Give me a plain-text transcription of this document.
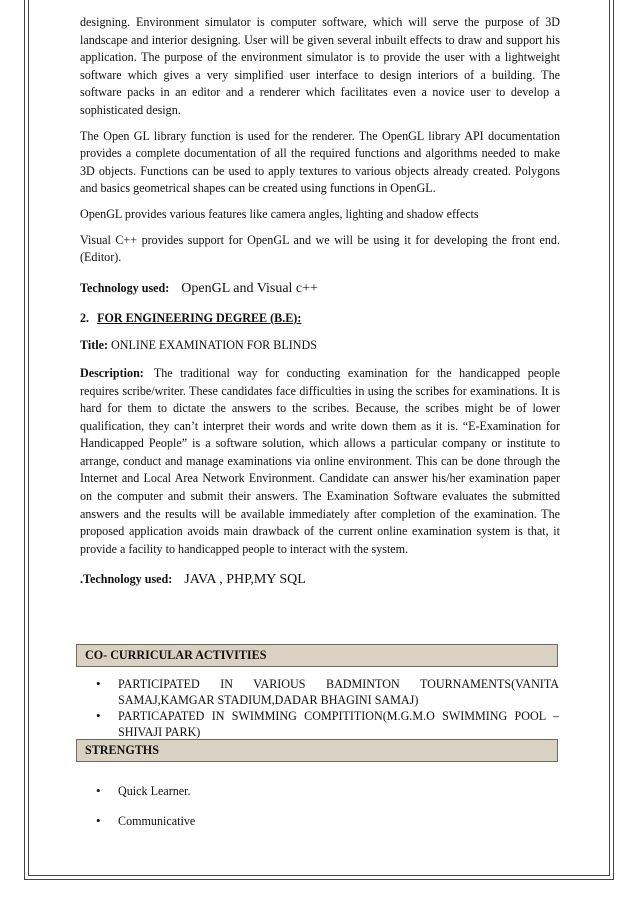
designing. Environment simulator is computer software, which will serve the purpose of 3D landscape and interior designing. User will be given several inbuilt effects to draw and support his application. The purpose of the environment simulator is to provide the user with a lightweight software which gives a very simplified user interface to design interiors of a building. The software packs in an editor and a renderer which facilitates even a novice user to develop a sophisticated design.

The Open GL library function is used for the renderer. The OpenGL library API documentation provides a complete documentation of all the required functions and algorithms needed to make 3D objects. Functions can be used to apply textures to various objects already created. Polygons and basics geometrical shapes can be created using functions in OpenGL.

OpenGL provides various features like camera angles, lighting and shadow effects

Visual C++ provides support for OpenGL and we will be using it for developing the front end.(Editor).

Technology used: OpenGL and Visual c++

2. FOR ENGINEERING DEGREE (B.E):

Title: ONLINE EXAMINATION FOR BLINDS

Description: The traditional way for conducting examination for the handicapped people requires scribe/writer. These candidates face difficulties in using the scribes for examinations. It is hard for them to dictate the answers to the scribes. Because, the scribes might be of lower qualification, they can’t interpret their words and write down them as it is. “E-Examination for Handicapped People” is a software solution, which allows a particular company or institute to arrange, conduct and manage examinations via online environment. This can be done through the Internet and Local Area Network Environment. Candidate can answer his/her examination paper on the computer and submit their answers. The Examination Software evaluates the submitted answers and the results will be available immediately after completion of the examination. The proposed application avoids main drawback of the current online examination system is that, it provide a facility to handicapped people to interact with the system.

.Technology used: JAVA , PHP,MY SQL
CO- CURRICULAR ACTIVITIES
• PARTICIPATED IN VARIOUS BADMINTON TOURNAMENTS(VANITA SAMAJ,KAMGAR STADIUM,DADAR BHAGINI SAMAJ)
• PARTICAPATED IN SWIMMING COMPITITION(M.G.M.O SWIMMING POOL –SHIVAJI PARK)
STRENGTHS
• Quick Learner.
• Communicative
